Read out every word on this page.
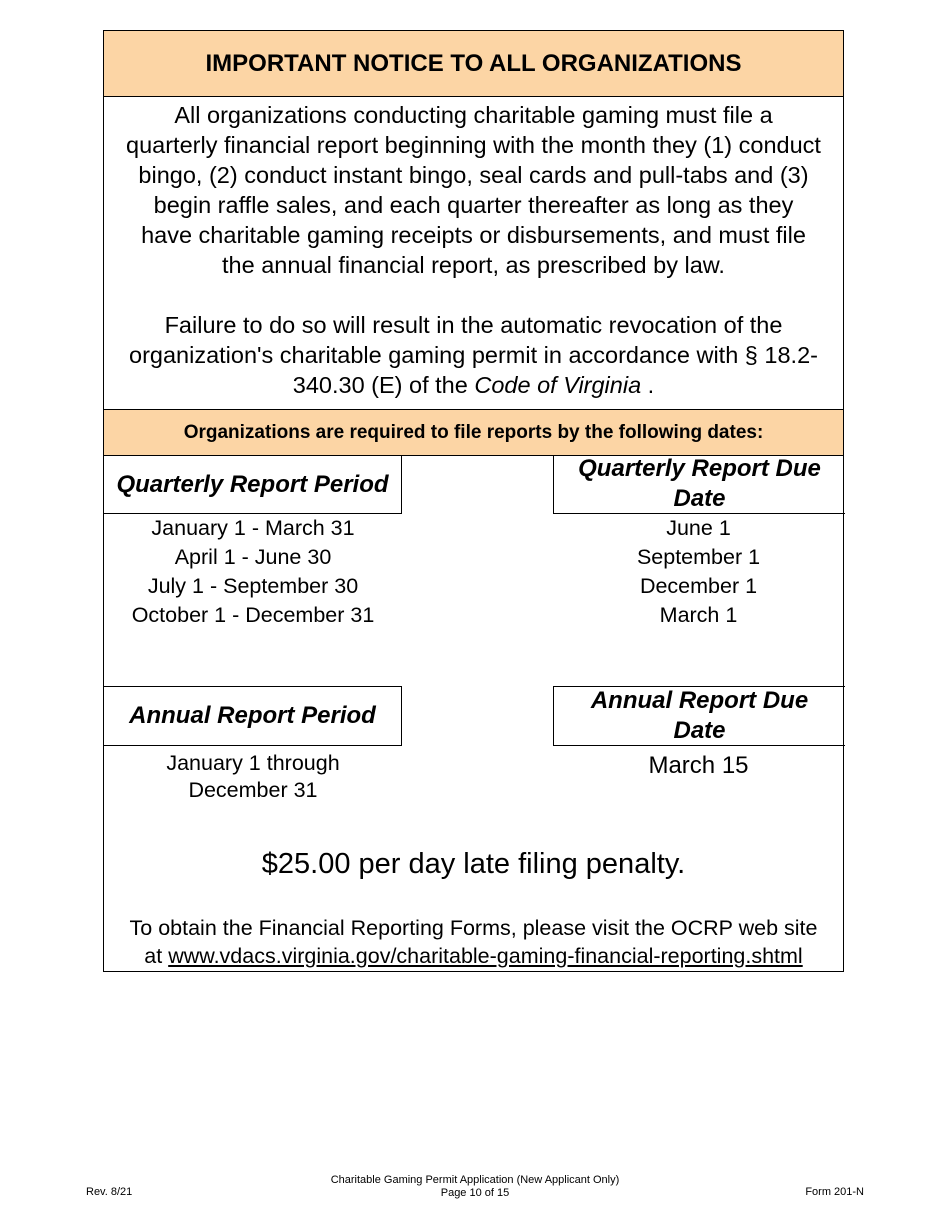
IMPORTANT NOTICE TO ALL ORGANIZATIONS
All organizations conducting charitable gaming must file a
quarterly financial report beginning with the month they (1) conduct
bingo, (2) conduct instant bingo, seal cards and pull-tabs and (3)
begin raffle sales, and each quarter thereafter as long as they
have charitable gaming receipts or disbursements, and must file
the annual financial report, as prescribed by law.
Failure to do so will result in the automatic revocation of the
organization's charitable gaming permit in accordance with § 18.2-
340.30 (E) of the Code of Virginia .
Organizations are required to file reports by the following dates:
Quarterly Report Period
Quarterly Report Due
Date
January 1 - March 31
April 1 - June 30
July 1 - September 30
October 1 - December 31
June 1
September 1
December 1
March 1
Annual Report Period
Annual Report Due
Date
January 1 through
December 31
March 15
$25.00 per day late filing penalty.
To obtain the Financial Reporting Forms, please visit the OCRP web site
at www.vdacs.virginia.gov/charitable-gaming-financial-reporting.shtml
Rev. 8/21
Charitable Gaming Permit Application (New Applicant Only)
Page 10 of 15	Form 201-N
